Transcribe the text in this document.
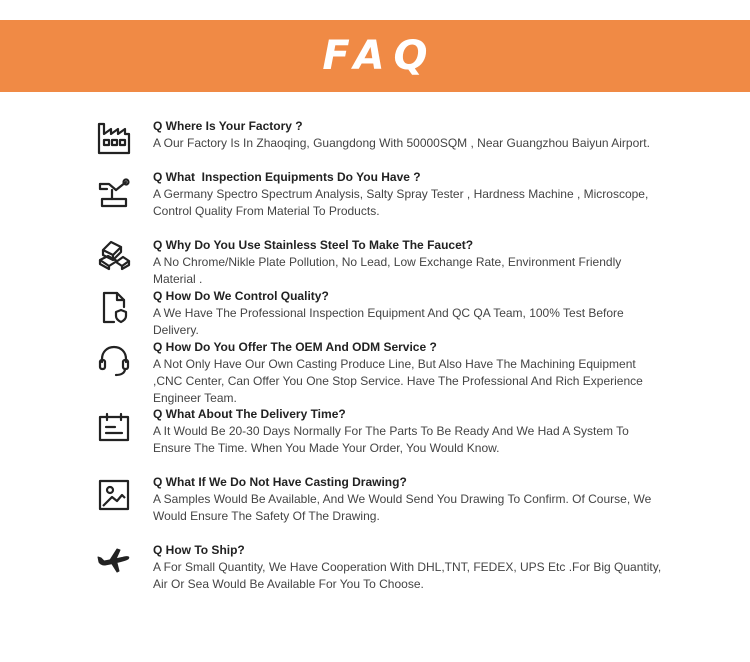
FAQ
Q Where Is Your Factory ?
A Our Factory Is In Zhaoqing, Guangdong With 50000SQM , Near Guangzhou Baiyun Airport.
Q What  Inspection Equipments Do You Have ?
A Germany Spectro Spectrum Analysis, Salty Spray Tester , Hardness Machine , Microscope, Control Quality From Material To Products.
Q Why Do You Use Stainless Steel To Make The Faucet?
A No Chrome/Nikle Plate Pollution, No Lead, Low Exchange Rate, Environment Friendly Material .
Q How Do We Control Quality?
A We Have The Professional Inspection Equipment And QC QA Team, 100% Test Before Delivery.
Q How Do You Offer The OEM And ODM Service ?
A Not Only Have Our Own Casting Produce Line, But Also Have The Machining Equipment ,CNC Center, Can Offer You One Stop Service. Have The Professional And Rich Experience Engineer Team.
Q What About The Delivery Time?
A It Would Be 20-30 Days Normally For The Parts To Be Ready And We Had A System To Ensure The Time. When You Made Your Order, You Would Know.
Q What If We Do Not Have Casting Drawing?
A Samples Would Be Available, And We Would Send You Drawing To Confirm. Of Course, We Would Ensure The Safety Of The Drawing.
Q How To Ship?
A For Small Quantity, We Have Cooperation With DHL,TNT, FEDEX, UPS Etc .For Big Quantity, Air Or Sea Would Be Available For You To Choose.
